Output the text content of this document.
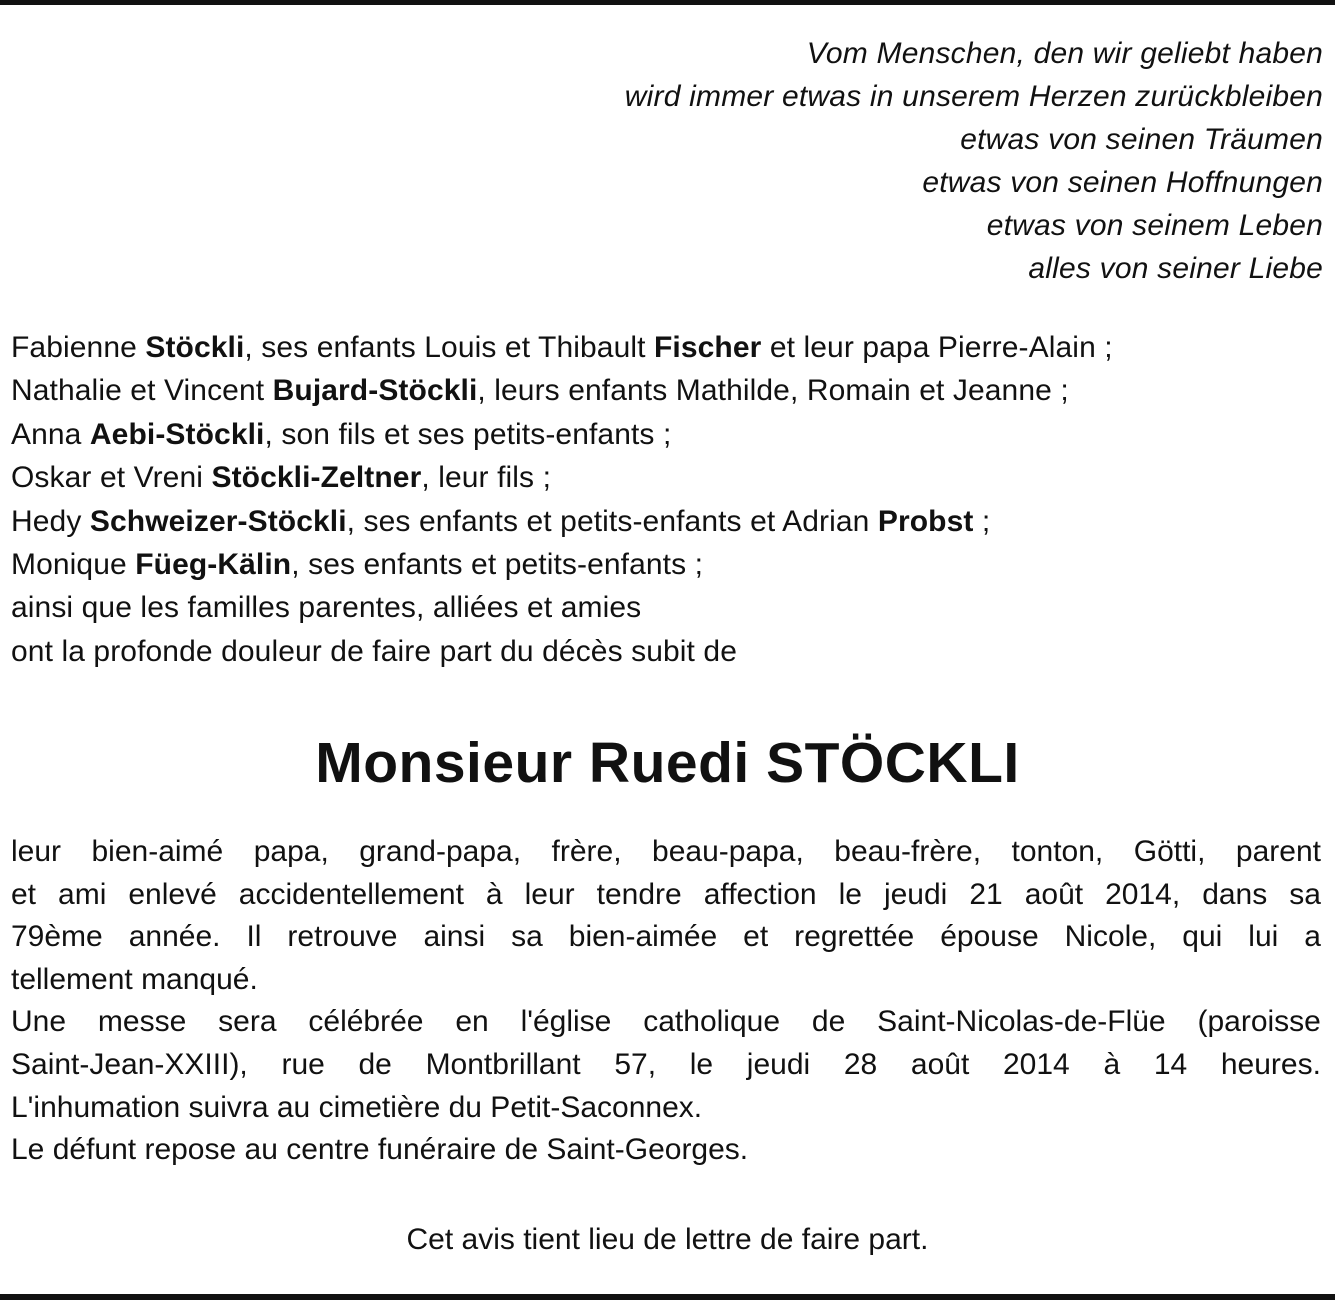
Vom Menschen, den wir geliebt haben
wird immer etwas in unserem Herzen zurückbleiben
etwas von seinen Träumen
etwas von seinen Hoffnungen
etwas von seinem Leben
alles von seiner Liebe
Fabienne Stöckli, ses enfants Louis et Thibault Fischer et leur papa Pierre-Alain ;
Nathalie et Vincent Bujard-Stöckli, leurs enfants Mathilde, Romain et Jeanne ;
Anna Aebi-Stöckli, son fils et ses petits-enfants ;
Oskar et Vreni Stöckli-Zeltner, leur fils ;
Hedy Schweizer-Stöckli, ses enfants et petits-enfants et Adrian Probst ;
Monique Füeg-Kälin, ses enfants et petits-enfants ;
ainsi que les familles parentes, alliées et amies
ont la profonde douleur de faire part du décès subit de
Monsieur Ruedi STÖCKLI
leur bien-aimé papa, grand-papa, frère, beau-papa, beau-frère, tonton, Götti, parent
et ami enlevé accidentellement à leur tendre affection le jeudi 21 août 2014, dans sa
79ème année. Il retrouve ainsi sa bien-aimée et regrettée épouse Nicole, qui lui a
tellement manqué.
Une messe sera célébrée en l'église catholique de Saint-Nicolas-de-Flüe (paroisse
Saint-Jean-XXIII), rue de Montbrillant 57, le jeudi 28 août 2014 à 14 heures.
L'inhumation suivra au cimetière du Petit-Saconnex.
Le défunt repose au centre funéraire de Saint-Georges.
Cet avis tient lieu de lettre de faire part.
